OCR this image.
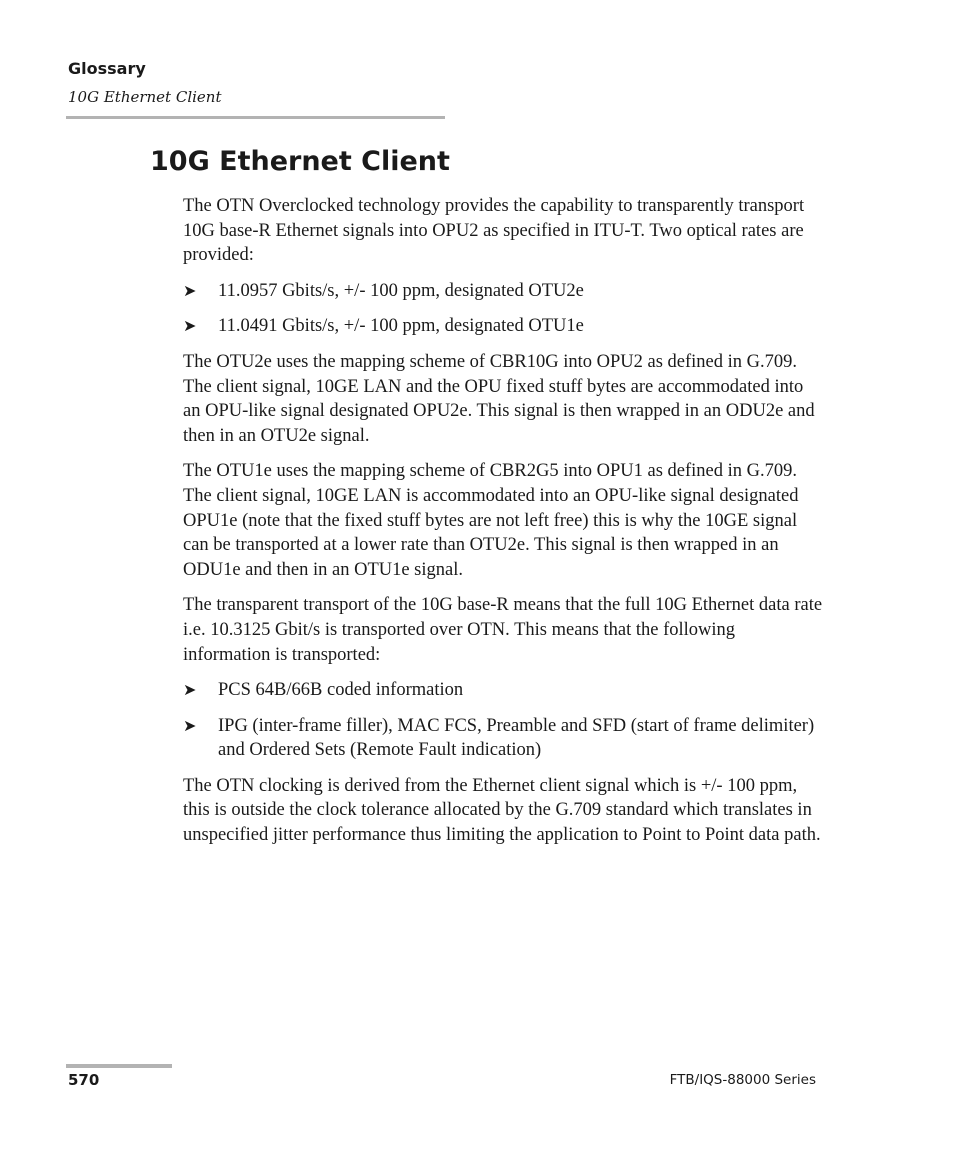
Glossary

10G Ethernet Client

10G Ethernet Client

The OTN Overclocked technology provides the capability to transparently transport 10G base-R Ethernet signals into OPU2 as specified in ITU-T. Two optical rates are provided:

➤ 11.0957 Gbits/s, +/- 100 ppm, designated OTU2e
➤ 11.0491 Gbits/s, +/- 100 ppm, designated OTU1e

The OTU2e uses the mapping scheme of CBR10G into OPU2 as defined in G.709. The client signal, 10GE LAN and the OPU fixed stuff bytes are accommodated into an OPU-like signal designated OPU2e. This signal is then wrapped in an ODU2e and then in an OTU2e signal.

The OTU1e uses the mapping scheme of CBR2G5 into OPU1 as defined in G.709. The client signal, 10GE LAN is accommodated into an OPU-like signal designated OPU1e (note that the fixed stuff bytes are not left free) this is why the 10GE signal can be transported at a lower rate than OTU2e. This signal is then wrapped in an ODU1e and then in an OTU1e signal.

The transparent transport of the 10G base-R means that the full 10G Ethernet data rate i.e. 10.3125 Gbit/s is transported over OTN. This means that the following information is transported:

➤ PCS 64B/66B coded information
➤ IPG (inter-frame filler), MAC FCS, Preamble and SFD (start of frame delimiter) and Ordered Sets (Remote Fault indication)

The OTN clocking is derived from the Ethernet client signal which is +/- 100 ppm, this is outside the clock tolerance allocated by the G.709 standard which translates in unspecified jitter performance thus limiting the application to Point to Point data path.

570	FTB/IQS-88000 Series
